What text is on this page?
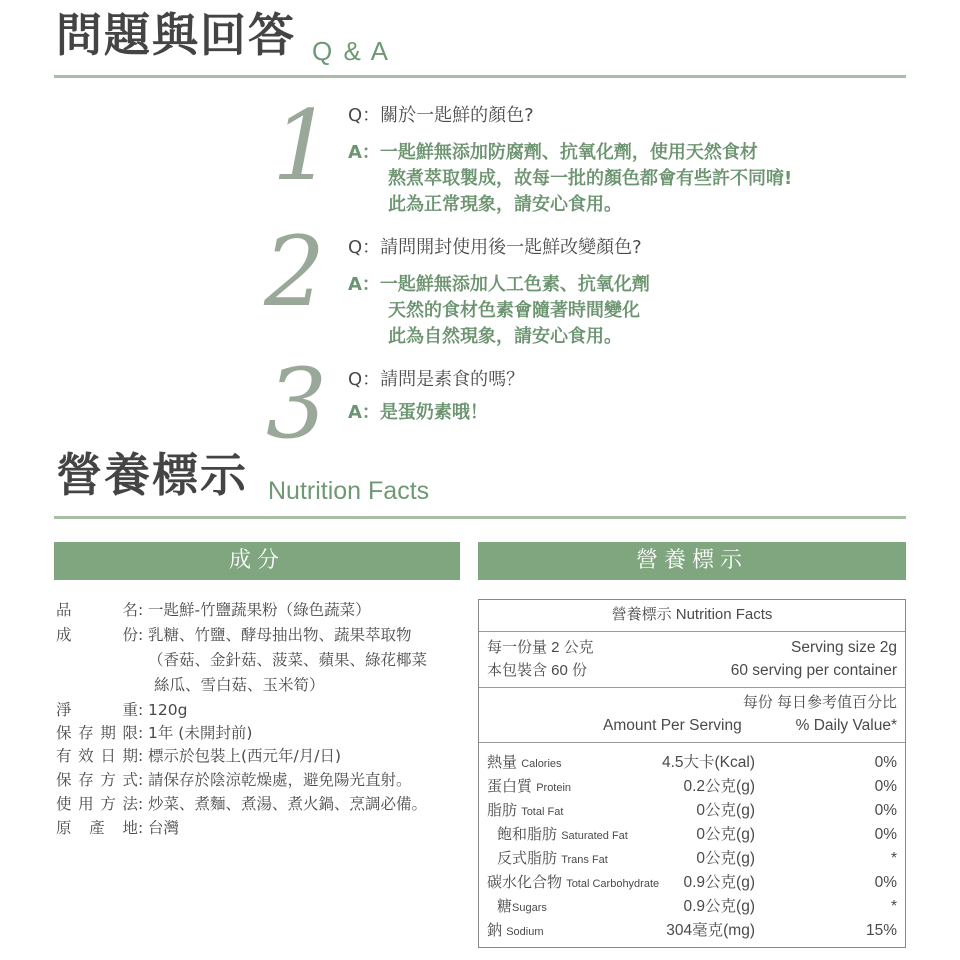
問題與回答 Q & A
1 Q：關於一匙鮮的顏色?
A：一匙鮮無添加防腐劑、抗氧化劑，使用天然食材
熬煮萃取製成，故每一批的顏色都會有些許不同唷!
此為正常現象，請安心食用。
2 Q：請問開封使用後一匙鮮改變顏色?
A：一匙鮮無添加人工色素、抗氧化劑
天然的食材色素會隨著時間變化
此為自然現象，請安心食用。
3 Q：請問是素食的嗎？
A：是蛋奶素哦！
營養標示 Nutrition Facts
成分	營養標示
品名: 一匙鮮-竹鹽蔬果粉（綠色蔬菜）
成份: 乳糖、竹鹽、酵母抽出物、蔬果萃取物
（香菇、金針菇、菠菜、蘋果、綠花椰菜
絲瓜、雪白菇、玉米筍）
淨重: 120g
保存期限: 1年 (未開封前)
有效日期: 標示於包裝上(西元年/月/日)
保存方式: 請保存於陰涼乾燥處，避免陽光直射。
使用方法: 炒菜、煮麵、煮湯、煮火鍋、烹調必備。
原產地: 台灣
營養標示 Nutrition Facts
每一份量 2 公克	Serving size 2g
本包裝含 60 份	60 serving per container
每份 每日參考值百分比
Amount Per Serving	% Daily Value*
熱量 Calories	4.5大卡(Kcal)	0%
蛋白質 Protein	0.2公克(g)	0%
脂肪 Total Fat	0公克(g)	0%
飽和脂肪 Saturated Fat	0公克(g)	0%
反式脂肪 Trans Fat	0公克(g)	*
碳水化合物 Total Carbohydrate 0.9公克(g)	0%
糖Sugars	0.9公克(g)	*
鈉 Sodium	304毫克(mg)	15%
